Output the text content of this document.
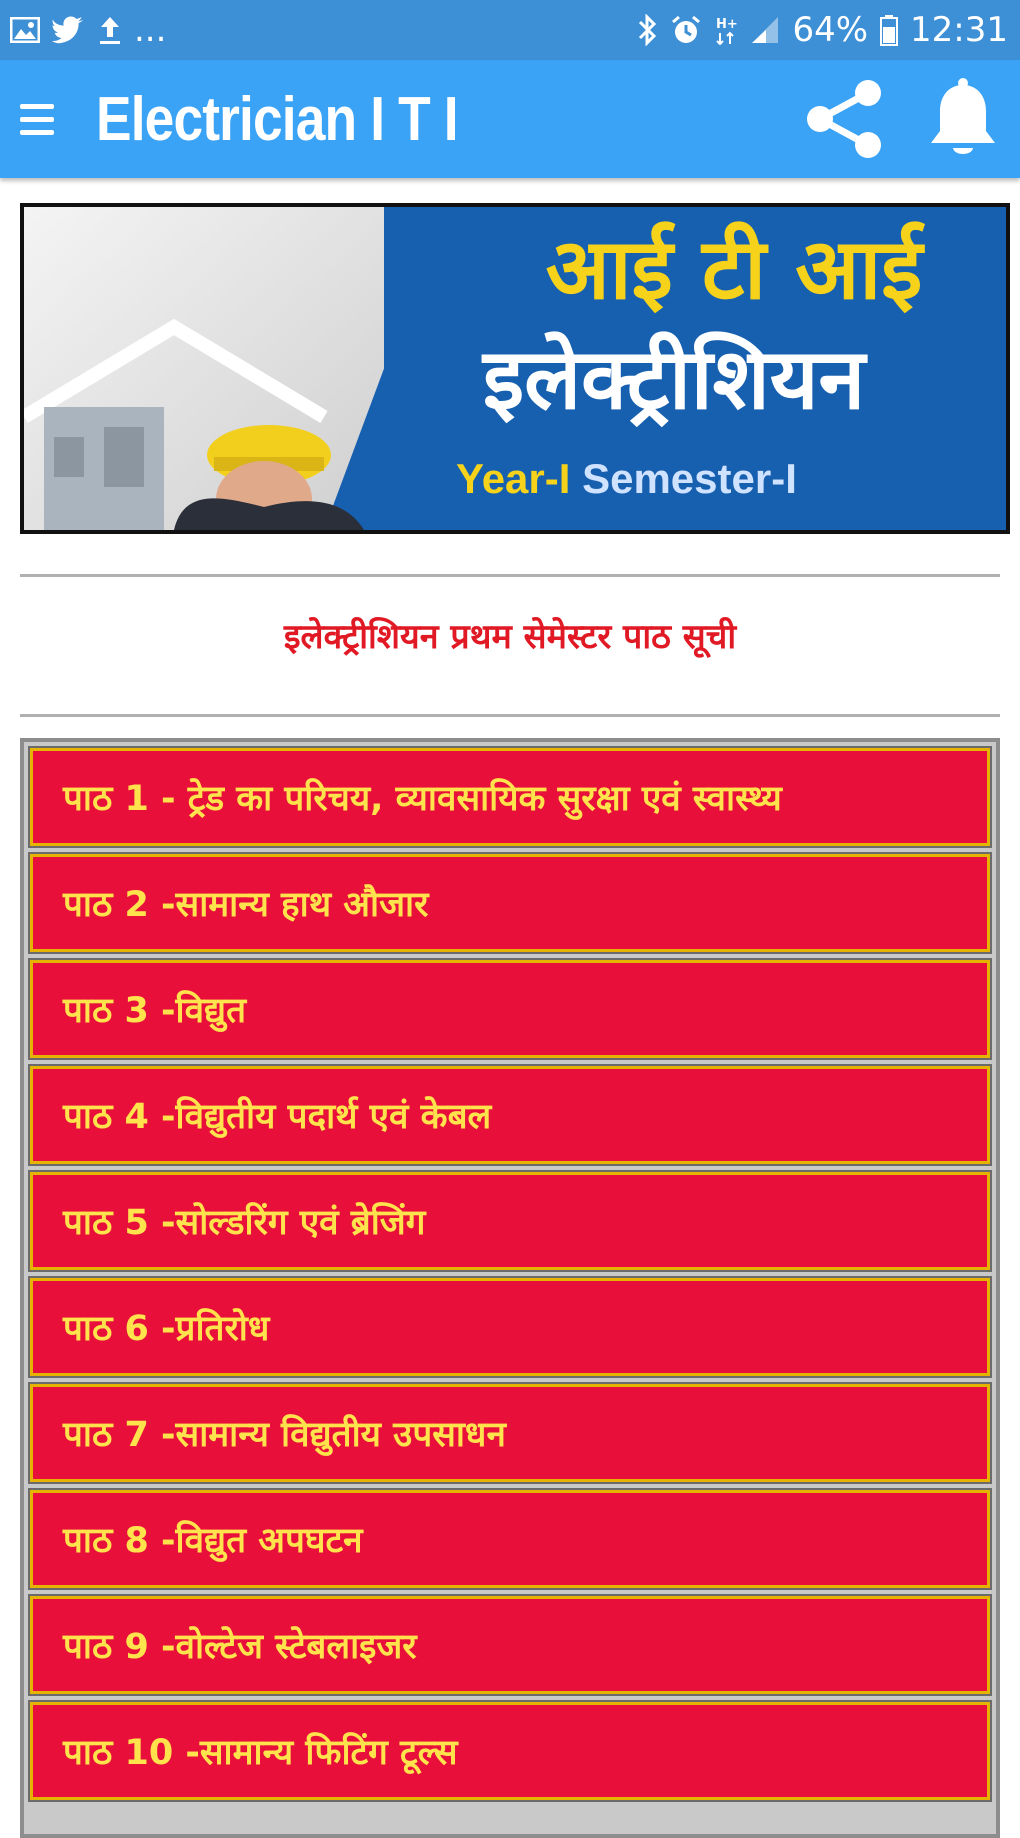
...	H+ 64% 12:31
Electrician I T I
आई टी आई
इलेक्ट्रीशियन
Year-I Semester-I
इलेक्ट्रीशियन प्रथम सेमेस्टर पाठ सूची
पाठ 1 - ट्रेड का परिचय, व्यावसायिक सुरक्षा एवं स्वास्थ्य
पाठ 2 -सामान्य हाथ औजार
पाठ 3 -विद्युत
पाठ 4 -विद्युतीय पदार्थ एवं केबल
पाठ 5 -सोल्डरिंग एवं ब्रेजिंग
पाठ 6 -प्रतिरोध
पाठ 7 -सामान्य विद्युतीय उपसाधन
पाठ 8 -विद्युत अपघटन
पाठ 9 -वोल्टेज स्टेबलाइजर
पाठ 10 -सामान्य फिटिंग टूल्स
